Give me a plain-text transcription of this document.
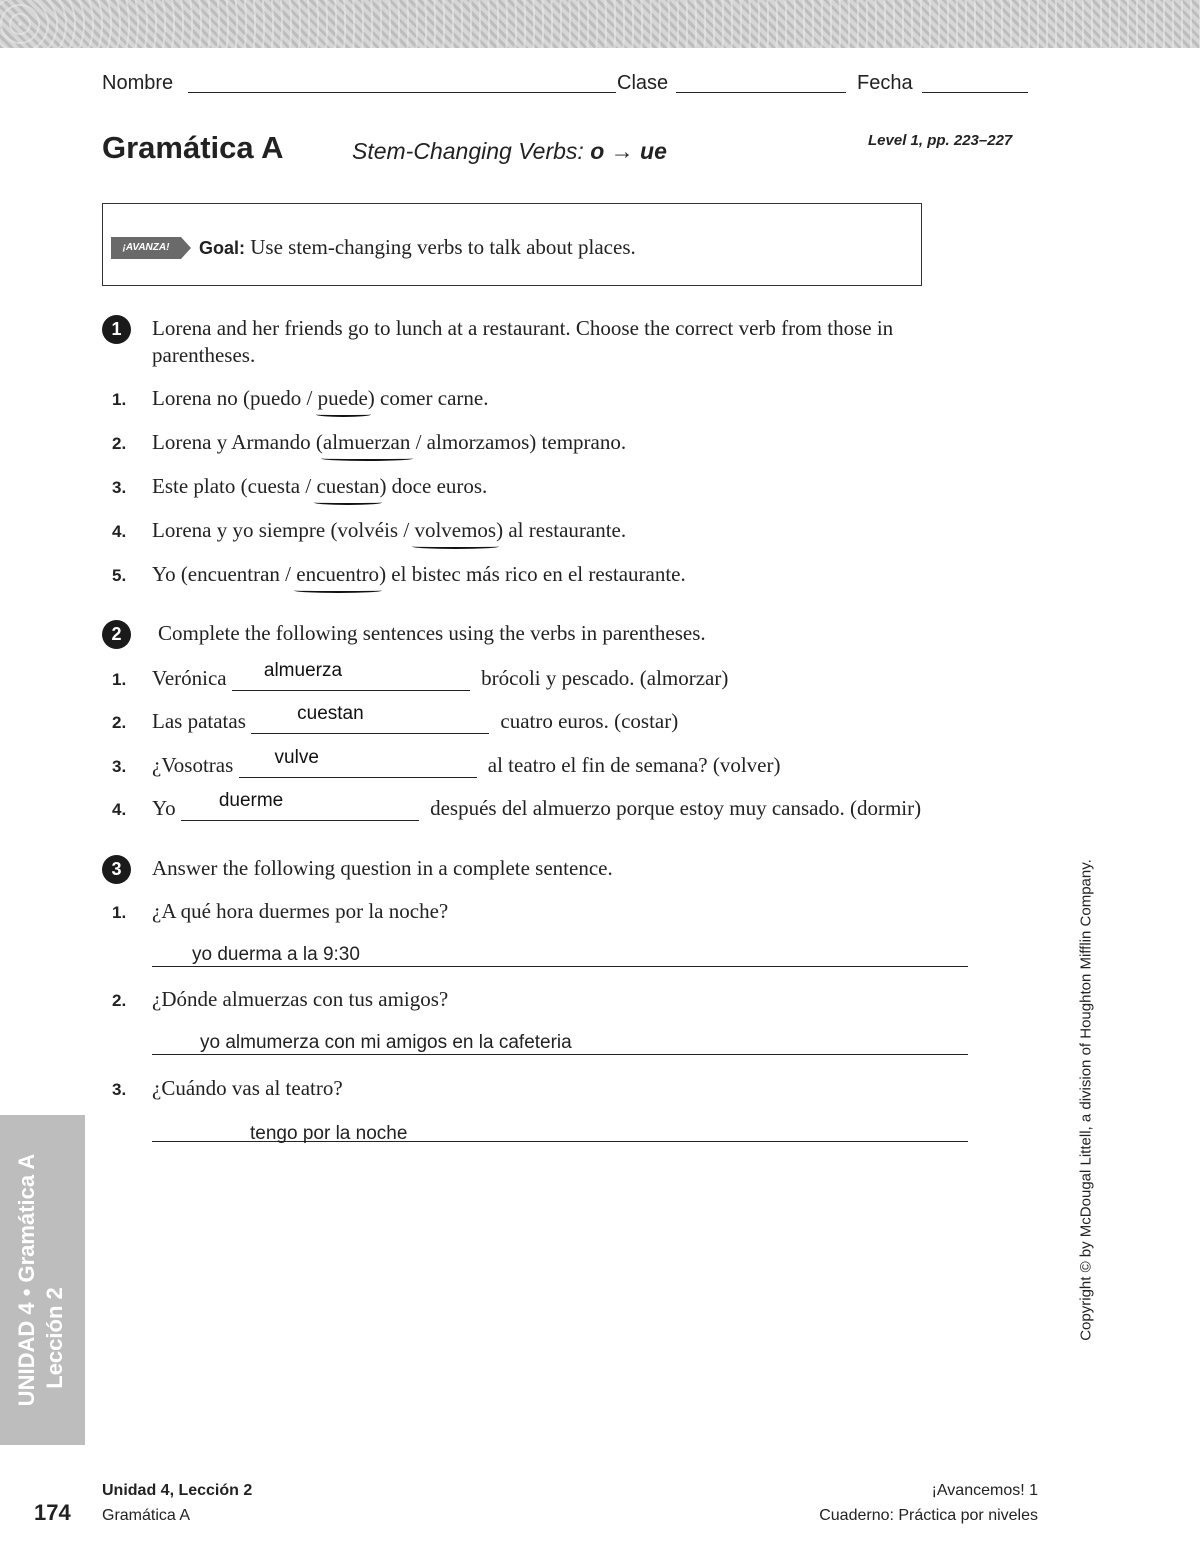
Nombre	Clase	Fecha
Gramática A	Stem-Changing Verbs: o → ue	Level 1, pp. 223–227
¡AVANZA!	Goal: Use stem-changing verbs to talk about places.
1	Lorena and her friends go to lunch at a restaurant. Choose the correct verb from those in parentheses.
1. Lorena no (puedo / puede) comer carne.
2. Lorena y Armando (almuerzan / almorzamos) temprano.
3. Este plato (cuesta / cuestan) doce euros.
4. Lorena y yo siempre (volvéis / volvemos) al restaurante.
5. Yo (encuentran / encuentro) el bistec más rico en el restaurante.
2	Complete the following sentences using the verbs in parentheses.
1. Verónica almuerza	brócoli y pescado. (almorzar)
2. Las patatas cuestan	cuatro euros. (costar)
3. ¿Vosotras vulve	al teatro el fin de semana? (volver)
4. Yo duerme	después del almuerzo porque estoy muy cansado. (dormir)
3	Answer the following question in a complete sentence.
1. ¿A qué hora duermes por la noche?
yo duerma a la 9:30
2. ¿Dónde almuerzas con tus amigos?
yo almumerza con mi amigos en la cafeteria
3. ¿Cuándo vas al teatro?
tengo por la noche
UNIDAD 4 • Gramática A Lección 2	Copyright © by McDougal Littell, a division of Houghton Mifflin Company.
174
Unidad 4, Lección 2
Gramática A
¡Avancemos! 1
Cuaderno: Práctica por niveles
